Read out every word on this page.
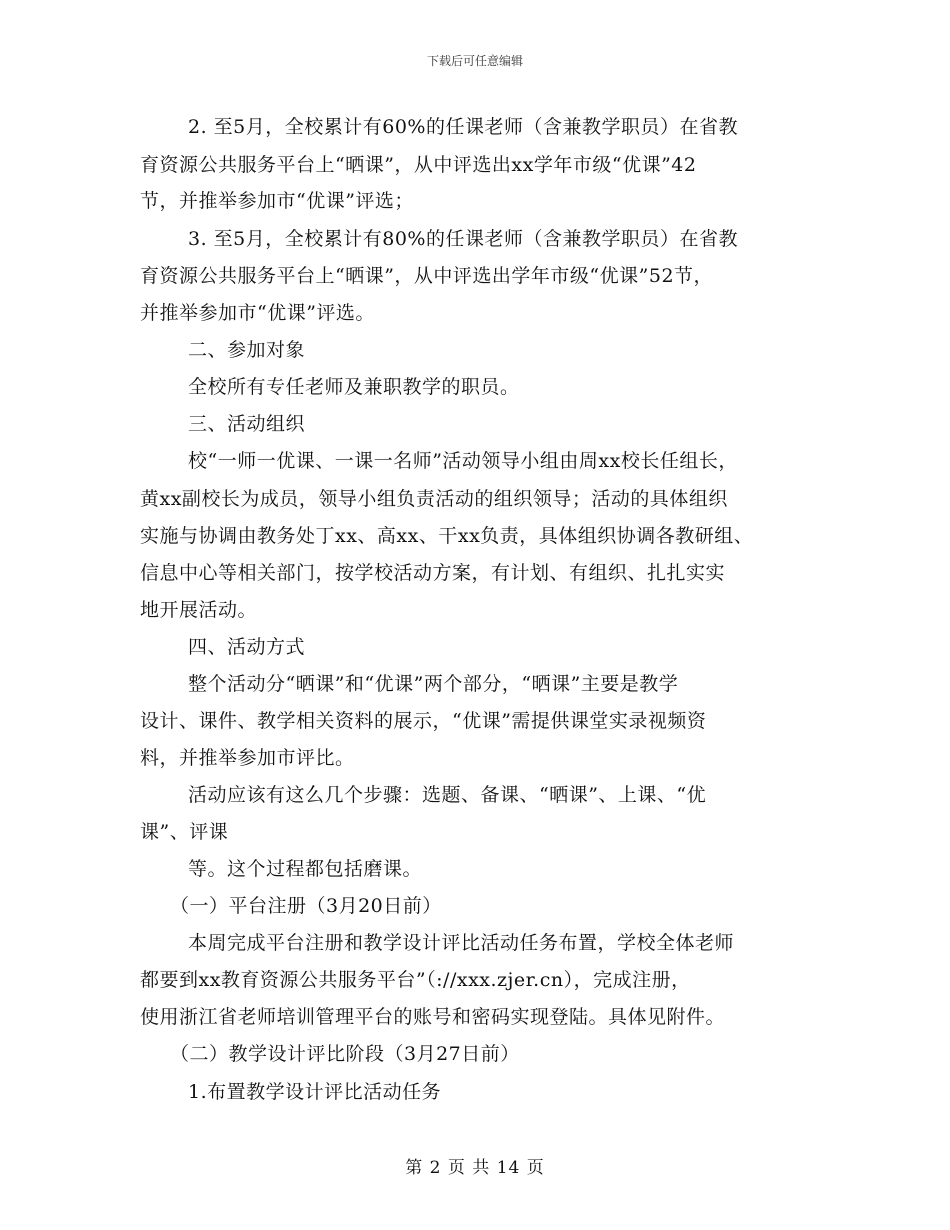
下载后可任意编辑
2. 至5月，全校累计有60%的任课老师（含兼教学职员）在省教
育资源公共服务平台上“晒课”，从中评选出xx学年市级“优课”42
节，并推举参加市“优课”评选；
3. 至5月，全校累计有80%的任课老师（含兼教学职员）在省教
育资源公共服务平台上“晒课”，从中评选出学年市级“优课”52节，
并推举参加市“优课”评选。
二、参加对象
全校所有专任老师及兼职教学的职员。
三、活动组织
校“一师一优课、一课一名师”活动领导小组由周xx校长任组长，
黄xx副校长为成员，领导小组负责活动的组织领导；活动的具体组织
实施与协调由教务处丁xx、高xx、干xx负责，具体组织协调各教研组、
信息中心等相关部门，按学校活动方案，有计划、有组织、扎扎实实
地开展活动。
四、活动方式
整个活动分“晒课”和“优课”两个部分，“晒课”主要是教学
设计、课件、教学相关资料的展示，“优课”需提供课堂实录视频资
料，并推举参加市评比。
活动应该有这么几个步骤：选题、备课、“晒课”、上课、“优
课”、评课
等。这个过程都包括磨课。
（一）平台注册（3月20日前）
本周完成平台注册和教学设计评比活动任务布置，学校全体老师
都要到xx教育资源公共服务平台”（://xxx.zjer.cn），完成注册，
使用浙江省老师培训管理平台的账号和密码实现登陆。具体见附件。
（二）教学设计评比阶段（3月27日前）
1.布置教学设计评比活动任务
第 2 页 共 14 页
